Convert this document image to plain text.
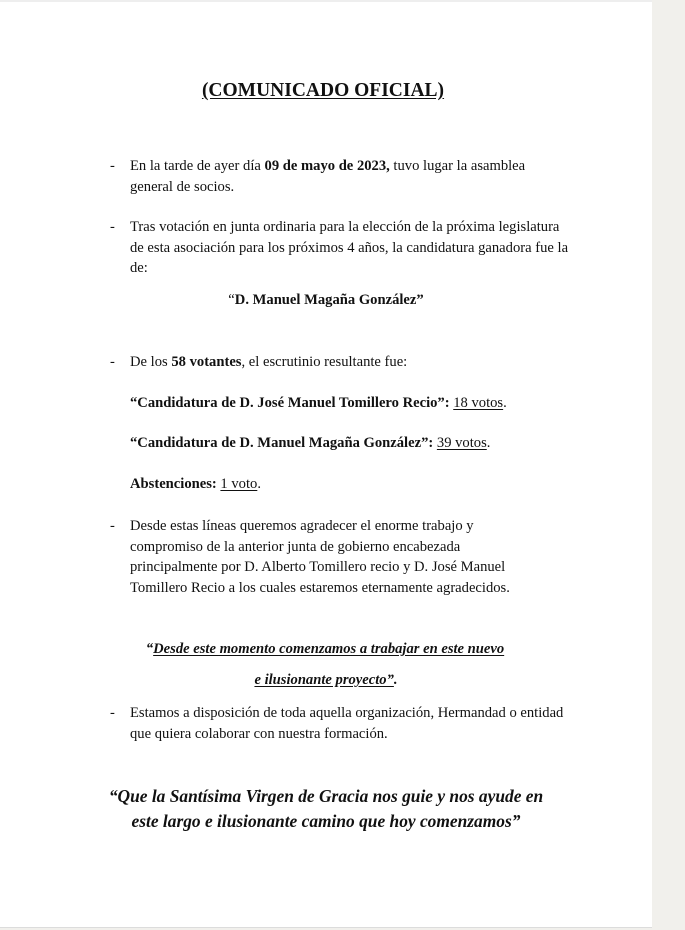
(COMUNICADO OFICIAL)
- En la tarde de ayer día 09 de mayo de 2023, tuvo lugar la asamblea general de socios.
- Tras votación en junta ordinaria para la elección de la próxima legislatura de esta asociación para los próximos 4 años, la candidatura ganadora fue la de:
“D. Manuel Magaña González”
- De los 58 votantes, el escrutinio resultante fue:
“Candidatura de D. José Manuel Tomillero Recio”: 18 votos.
“Candidatura de D. Manuel Magaña González”: 39 votos.
Abstenciones: 1 voto.
- Desde estas líneas queremos agradecer el enorme trabajo y compromiso de la anterior junta de gobierno encabezada principalmente por D. Alberto Tomillero recio y D. José Manuel Tomillero Recio a los cuales estaremos eternamente agradecidos.
“Desde este momento comenzamos a trabajar en este nuevo
e ilusionante proyecto”.
- Estamos a disposición de toda aquella organización, Hermandad o entidad que quiera colaborar con nuestra formación.
“Que la Santísima Virgen de Gracia nos guie y nos ayude en
este largo e ilusionante camino que hoy comenzamos”
